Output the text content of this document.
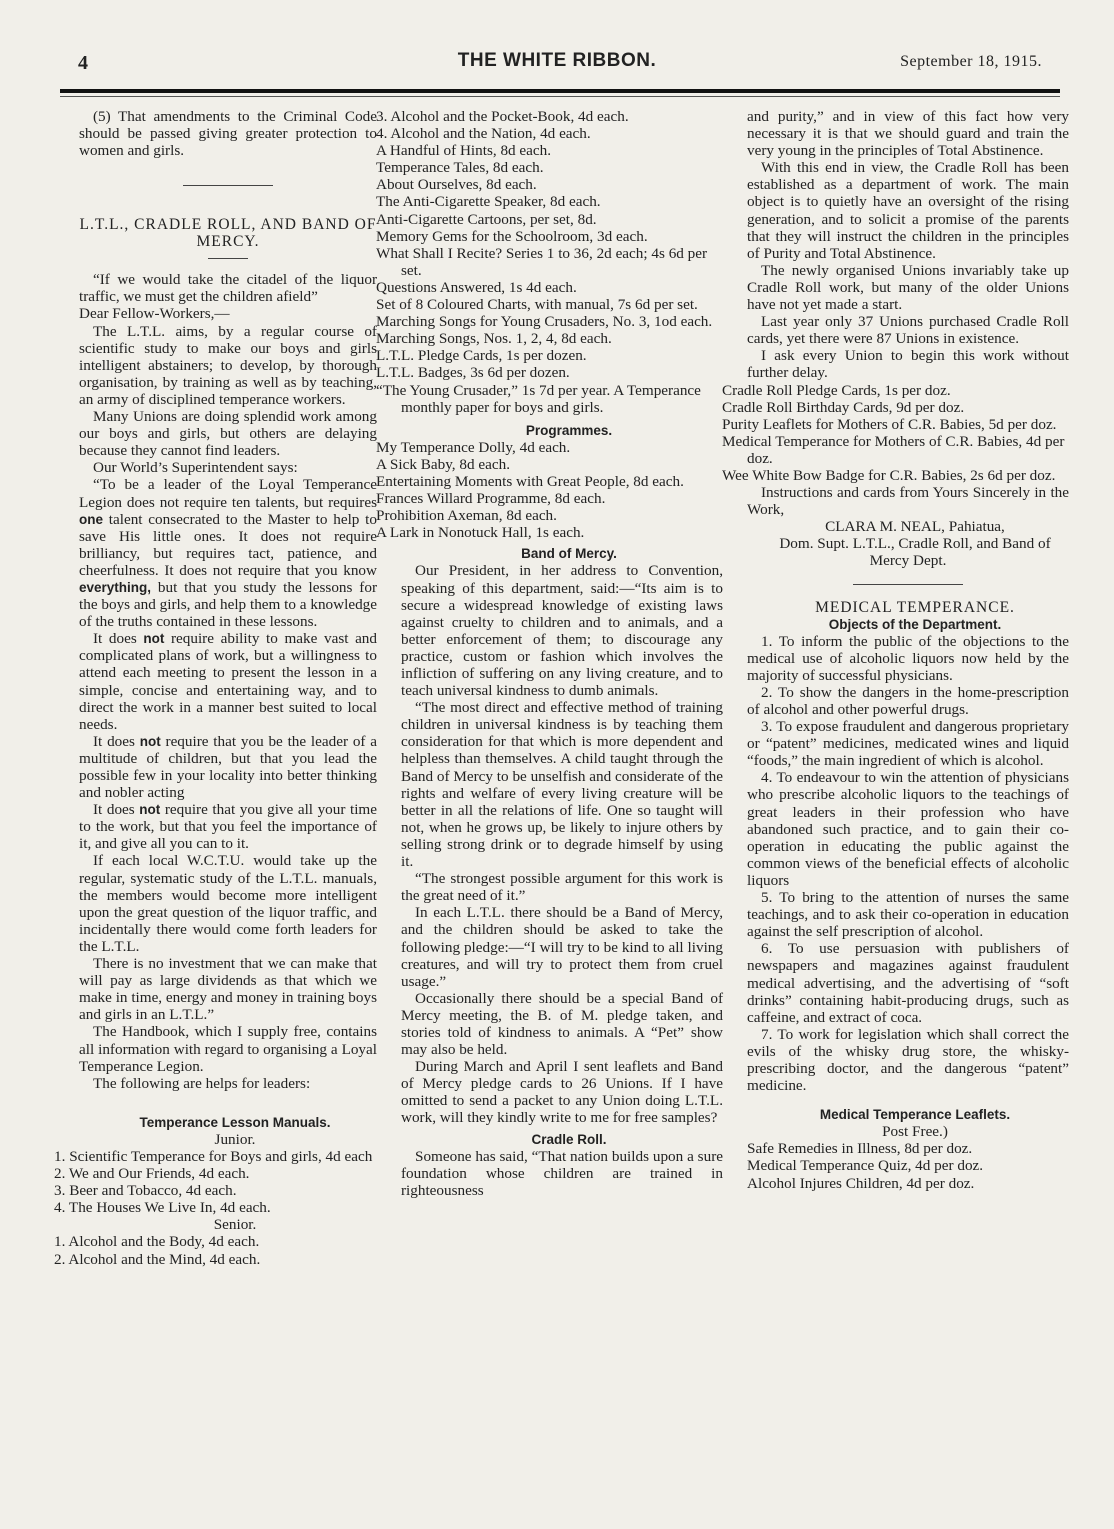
4	THE WHITE RIBBON.	September 18, 1915.

(5) That amendments to the Criminal Code should be passed giving greater protection to women and girls.

L.T.L., CRADLE ROLL, AND BAND OF MERCY.

“If we would take the citadel of the liquor traffic, we must get the children afield”

Dear Fellow-Workers,—

The L.T.L. aims, by a regular course of scientific study to make our boys and girls intelligent abstainers; to develop, by thorough organisation, by training as well as by teaching, an army of disciplined temperance workers.

Many Unions are doing splendid work among our boys and girls, but others are delaying because they cannot find leaders.

Our World’s Superintendent says:

“To be a leader of the Loyal Temperance Legion does not require ten talents, but requires one talent consecrated to the Master to help to save His little ones. It does not require brilliancy, but requires tact, patience, and cheerfulness. It does not require that you know everything, but that you study the lessons for the boys and girls, and help them to a knowledge of the truths contained in these lessons.

It does not require ability to make vast and complicated plans of work, but a willingness to attend each meeting to present the lesson in a simple, concise and entertaining way, and to direct the work in a manner best suited to local needs.

It does not require that you be the leader of a multitude of children, but that you lead the possible few in your locality into better thinking and nobler acting

It does not require that you give all your time to the work, but that you feel the importance of it, and give all you can to it.

If each local W.C.T.U. would take up the regular, systematic study of the L.T.L. manuals, the members would become more intelligent upon the great question of the liquor traffic, and incidentally there would come forth leaders for the L.T.L.

There is no investment that we can make that will pay as large dividends as that which we make in time, energy and money in training boys and girls in an L.T.L.”

The Handbook, which I supply free, contains all information with regard to organising a Loyal Temperance Legion.

The following are helps for leaders:

Temperance Lesson Manuals.

Junior.

1. Scientific Temperance for Boys and girls, 4d each

2. We and Our Friends, 4d each.

3. Beer and Tobacco, 4d each.

4. The Houses We Live In, 4d each.

Senior.

1. Alcohol and the Body, 4d each.

2. Alcohol and the Mind, 4d each.

3. Alcohol and the Pocket-Book, 4d each.

4. Alcohol and the Nation, 4d each.

A Handful of Hints, 8d each.

Temperance Tales, 8d each.

About Ourselves, 8d each.

The Anti-Cigarette Speaker, 8d each.

Anti-Cigarette Cartoons, per set, 8d.

Memory Gems for the Schoolroom, 3d each.

What Shall I Recite? Series 1 to 36, 2d each; 4s 6d per set.

Questions Answered, 1s 4d each.

Set of 8 Coloured Charts, with manual, 7s 6d per set.

Marching Songs for Young Crusaders, No. 3, 1od each.

Marching Songs, Nos. 1, 2, 4, 8d each.

L.T.L. Pledge Cards, 1s per dozen.

L.T.L. Badges, 3s 6d per dozen.

“The Young Crusader,” 1s 7d per year. A Temperance monthly paper for boys and girls.

Programmes.

My Temperance Dolly, 4d each.

A Sick Baby, 8d each.

Entertaining Moments with Great People, 8d each.

Frances Willard Programme, 8d each.

Prohibition Axeman, 8d each.

A Lark in Nonotuck Hall, 1s each.

Band of Mercy.

Our President, in her address to Convention, speaking of this department, said:—“Its aim is to secure a widespread knowledge of existing laws against cruelty to children and to animals, and a better enforcement of them; to discourage any practice, custom or fashion which involves the infliction of suffering on any living creature, and to teach universal kindness to dumb animals.

“The most direct and effective method of training children in universal kindness is by teaching them consideration for that which is more dependent and helpless than themselves. A child taught through the Band of Mercy to be unselfish and considerate of the rights and welfare of every living creature will be better in all the relations of life. One so taught will not, when he grows up, be likely to injure others by selling strong drink or to degrade himself by using it.

“The strongest possible argument for this work is the great need of it.”

In each L.T.L. there should be a Band of Mercy, and the children should be asked to take the following pledge:—“I will try to be kind to all living creatures, and will try to protect them from cruel usage.”

Occasionally there should be a special Band of Mercy meeting, the B. of M. pledge taken, and stories told of kindness to animals. A “Pet” show may also be held.

During March and April I sent leaflets and Band of Mercy pledge cards to 26 Unions. If I have omitted to send a packet to any Union doing L.T.L. work, will they kindly write to me for free samples?

Cradle Roll.

Someone has said, “That nation builds upon a sure foundation whose children are trained in righteousness

and purity,” and in view of this fact how very necessary it is that we should guard and train the very young in the principles of Total Abstinence.

With this end in view, the Cradle Roll has been established as a department of work. The main object is to quietly have an oversight of the rising generation, and to solicit a promise of the parents that they will instruct the children in the principles of Purity and Total Abstinence.

The newly organised Unions invariably take up Cradle Roll work, but many of the older Unions have not yet made a start.

Last year only 37 Unions purchased Cradle Roll cards, yet there were 87 Unions in existence.

I ask every Union to begin this work without further delay.

Cradle Roll Pledge Cards, 1s per doz.

Cradle Roll Birthday Cards, 9d per doz.

Purity Leaflets for Mothers of C.R. Babies, 5d per doz.

Medical Temperance for Mothers of C.R. Babies, 4d per doz.

Wee White Bow Badge for C.R. Babies, 2s 6d per doz.

Instructions and cards from Yours Sincerely in the Work,

CLARA M. NEAL, Pahiatua,

Dom. Supt. L.T.L., Cradle Roll, and Band of Mercy Dept.

MEDICAL TEMPERANCE.

Objects of the Department.

1. To inform the public of the objections to the medical use of alcoholic liquors now held by the majority of successful physicians.

2. To show the dangers in the home-prescription of alcohol and other powerful drugs.

3. To expose fraudulent and dangerous proprietary or “patent” medicines, medicated wines and liquid “foods,” the main ingredient of which is alcohol.

4. To endeavour to win the attention of physicians who prescribe alcoholic liquors to the teachings of great leaders in their profession who have abandoned such practice, and to gain their co-operation in educating the public against the common views of the beneficial effects of alcoholic liquors

5. To bring to the attention of nurses the same teachings, and to ask their co-operation in education against the self prescription of alcohol.

6. To use persuasion with publishers of newspapers and magazines against fraudulent medical advertising, and the advertising of “soft drinks” containing habit-producing drugs, such as caffeine, and extract of coca.

7. To work for legislation which shall correct the evils of the whisky drug store, the whisky-prescribing doctor, and the dangerous “patent” medicine.

Medical Temperance Leaflets.

Post Free.)

Safe Remedies in Illness, 8d per doz.

Medical Temperance Quiz, 4d per doz.

Alcohol Injures Children, 4d per doz.
